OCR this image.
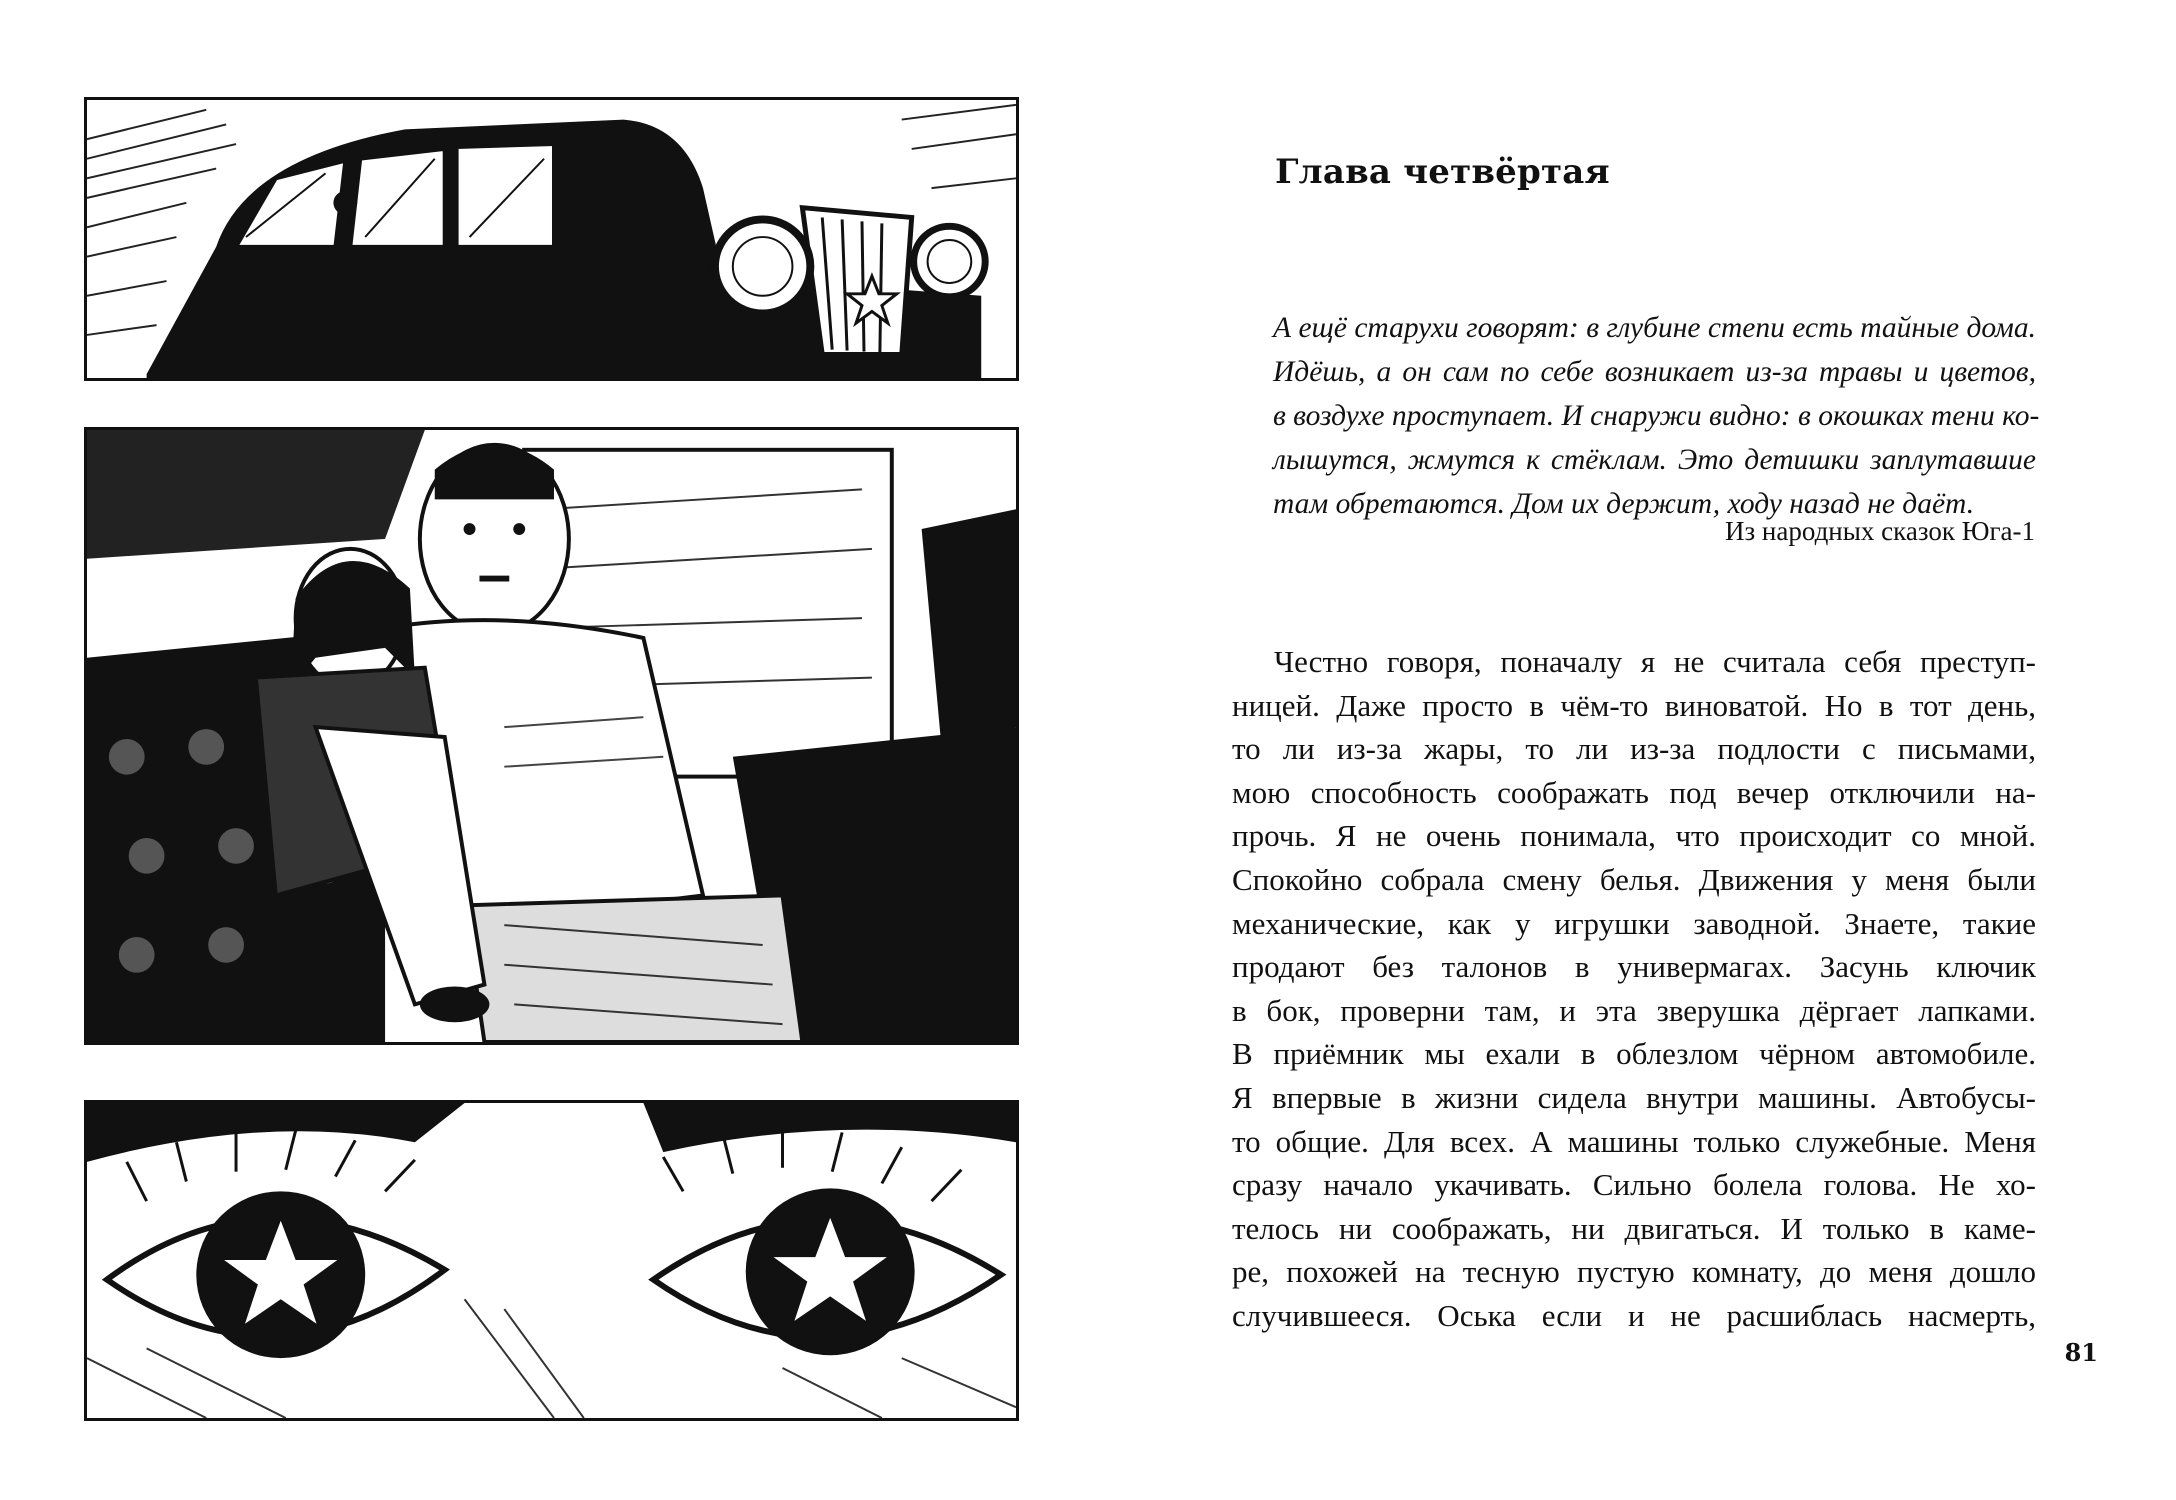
Глава четвёртая

А ещё старухи говорят: в глубине степи есть тайные дома.
Идёшь, а он сам по себе возникает из-за травы и цветов,
в воздухе проступает. И снаружи видно: в окошках тени ко-
лышутся, жмутся к стёклам. Это детишки заплутавшие
там обретаются. Дом их держит, ходу назад не даёт.

Из народных сказок Юга-1

Честно говоря, поначалу я не считала себя преступ-
ницей. Даже просто в чём-то виноватой. Но в тот день,
то ли из-за жары, то ли из-за подлости с письмами,
мою способность соображать под вечер отключили на-
прочь. Я не очень понимала, что происходит со мной.
Спокойно собрала смену белья. Движения у меня были
механические, как у игрушки заводной. Знаете, такие
продают без талонов в универмагах. Засунь ключик
в бок, проверни там, и эта зверушка дёргает лапками.
В приёмник мы ехали в облезлом чёрном автомобиле.
Я впервые в жизни сидела внутри машины. Автобусы-
то общие. Для всех. А машины только служебные. Меня
сразу начало укачивать. Сильно болела голова. Не хо-
телось ни соображать, ни двигаться. И только в каме-
ре, похожей на тесную пустую комнату, до меня дошло
случившееся. Оська если и не расшиблась насмерть,

81
